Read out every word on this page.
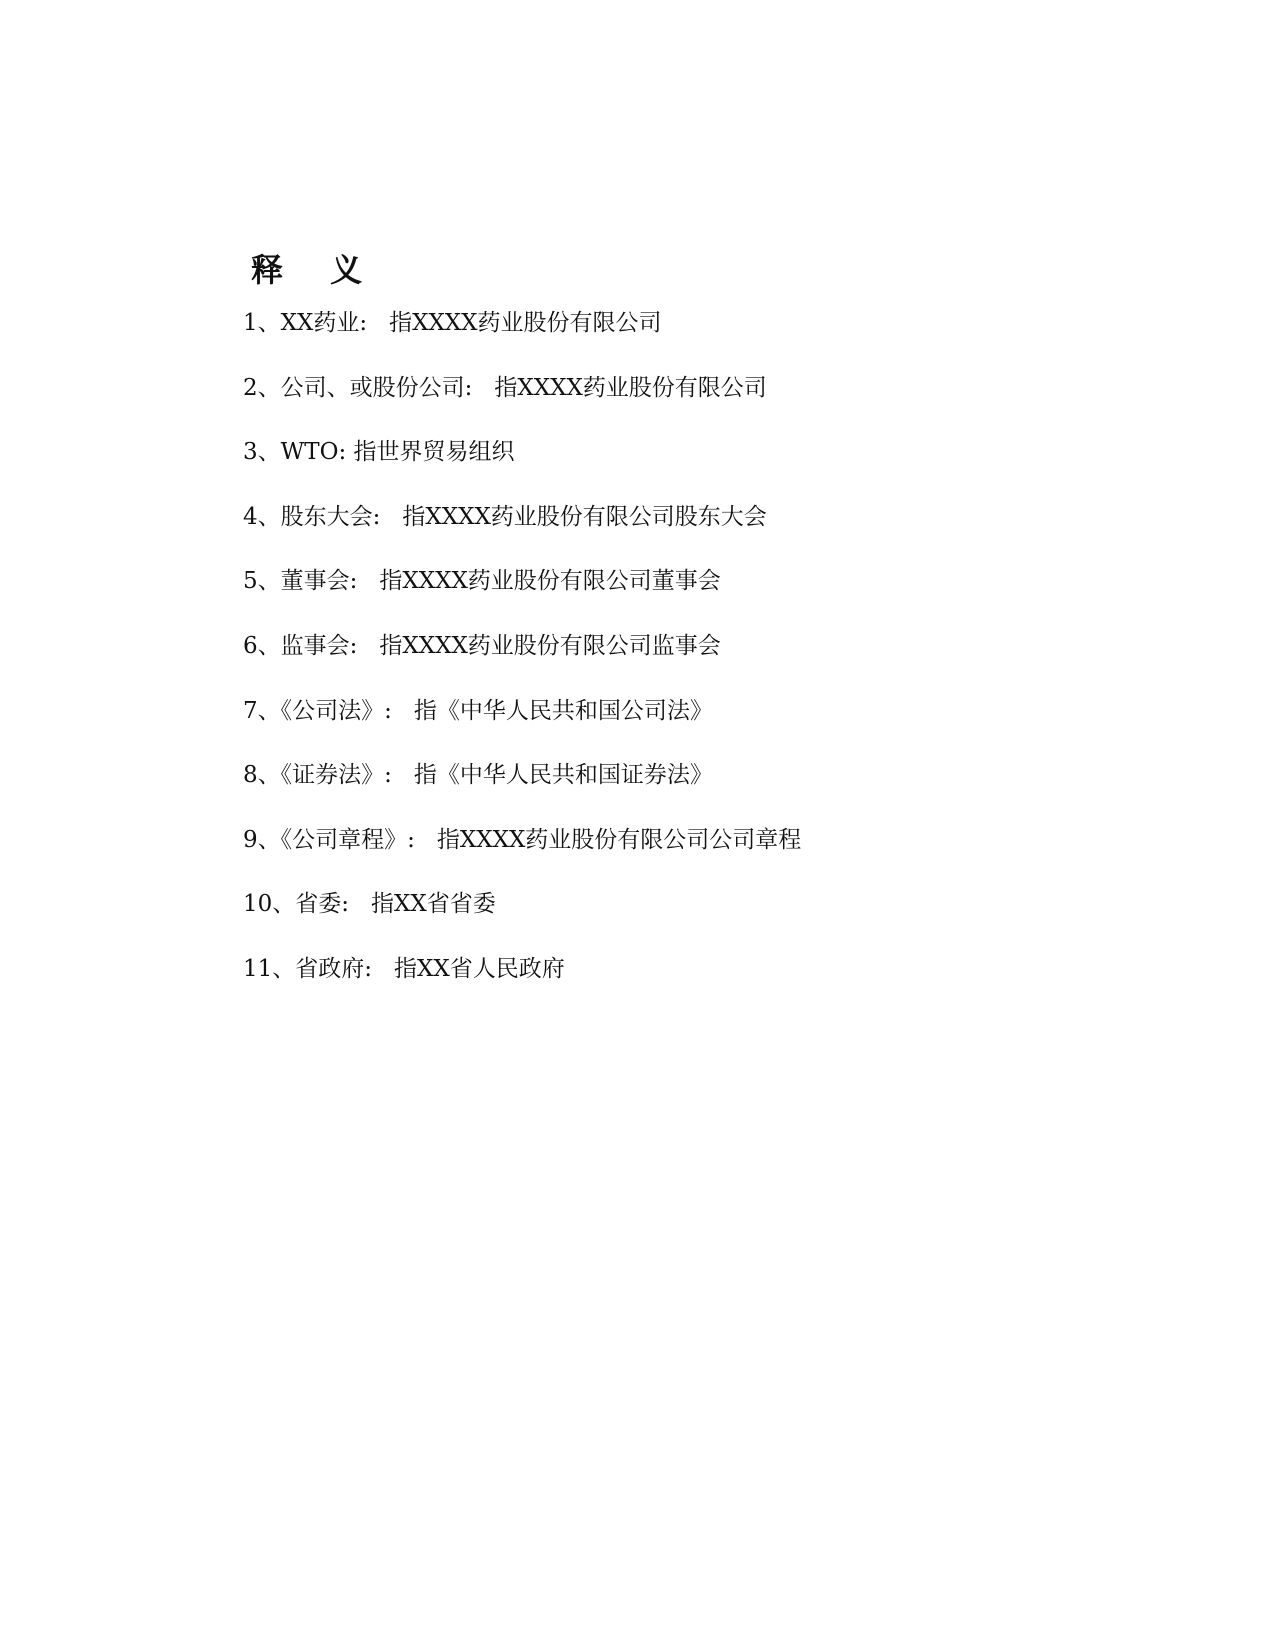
释 义
1、XX药业:   指XXXX药业股份有限公司
2、公司、或股份公司:   指XXXX药业股份有限公司
3、WTO: 指世界贸易组织
4、股东大会:   指XXXX药业股份有限公司股东大会
5、董事会:   指XXXX药业股份有限公司董事会
6、监事会:   指XXXX药业股份有限公司监事会
7、《公司法》:   指《中华人民共和国公司法》
8、《证券法》:   指《中华人民共和国证券法》
9、《公司章程》:   指XXXX药业股份有限公司公司章程
10、省委:   指XX省省委
11、省政府:   指XX省人民政府
